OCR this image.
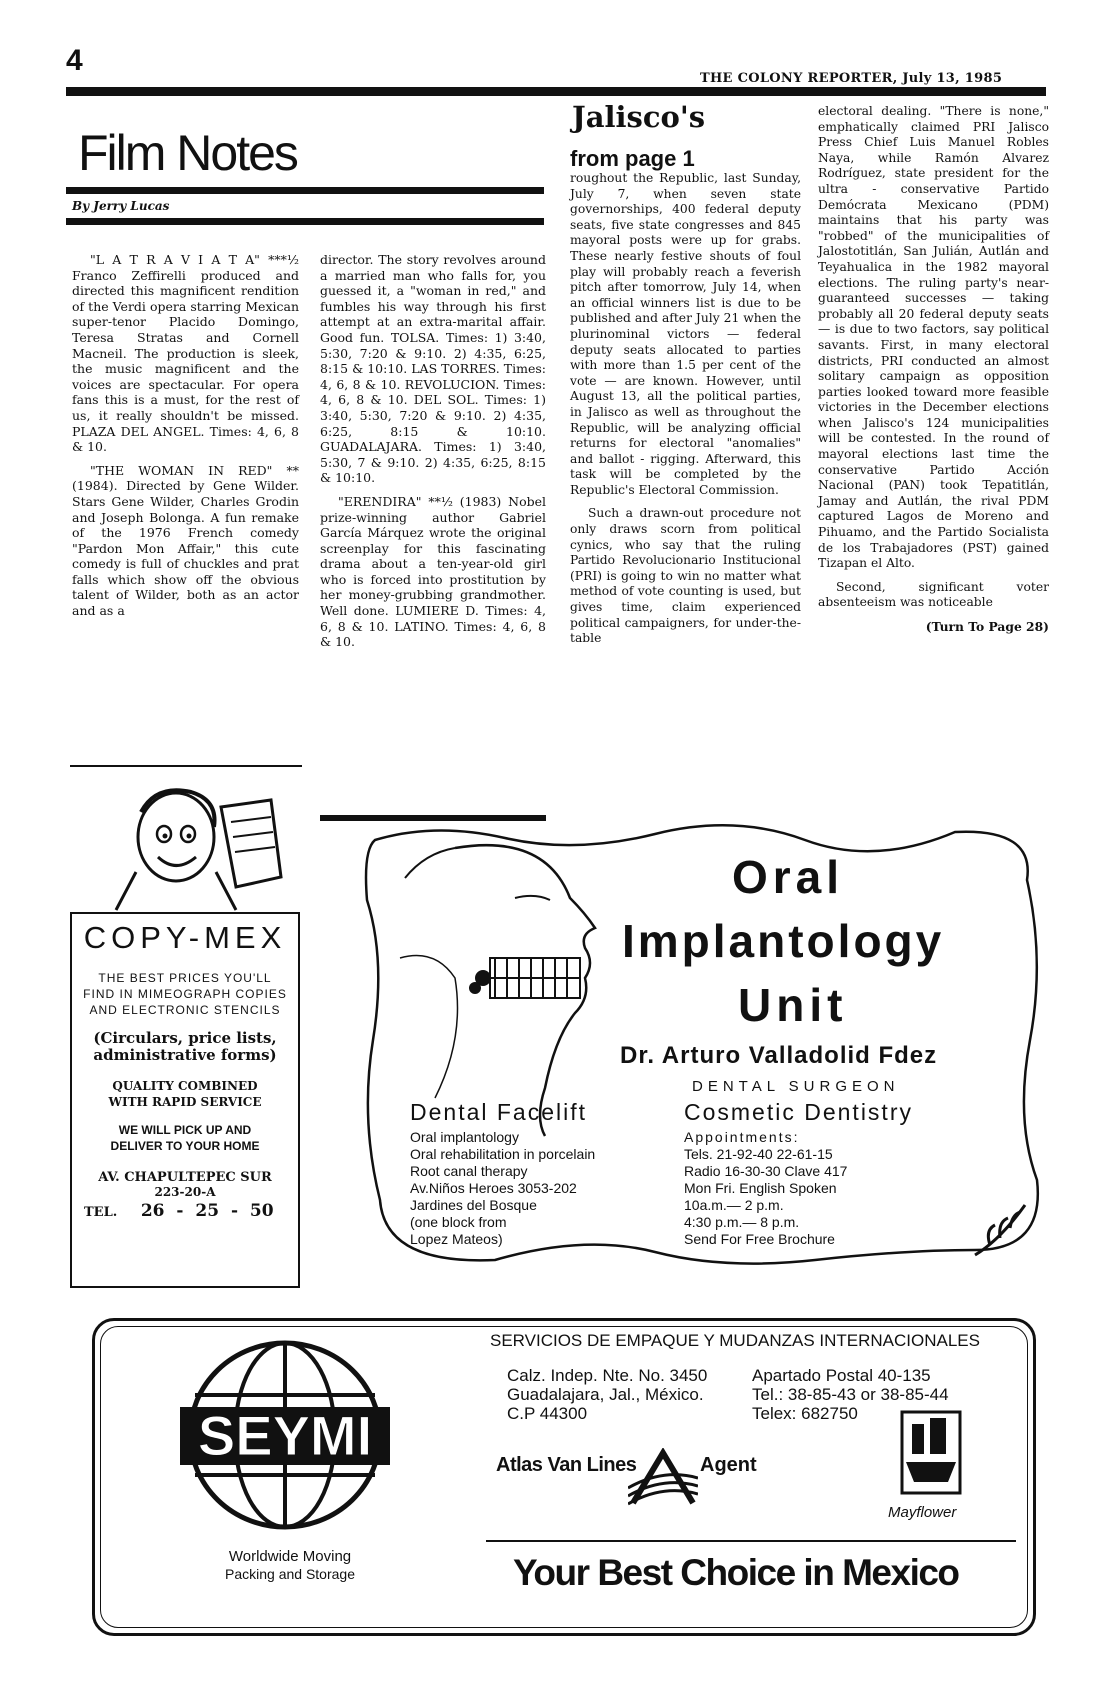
4
THE COLONY REPORTER, July 13, 1985
Film Notes
By Jerry Lucas

"L A T R A V I A T A" ***½ Franco Zeffirelli produced and directed this magnificent rendition of the Verdi opera starring Mexican super-tenor Placido Domingo, Teresa Stratas and Cornell Macneil. The production is sleek, the music magnificent and the voices are spectacular. For opera fans this is a must, for the rest of us, it really shouldn't be missed. PLAZA DEL ANGEL. Times: 4, 6, 8 & 10.

"THE WOMAN IN RED" ** (1984). Directed by Gene Wilder. Stars Gene Wilder, Charles Grodin and Joseph Bolonga. A fun remake of the 1976 French comedy "Pardon Mon Affair," this cute comedy is full of chuckles and prat falls which show off the obvious talent of Wilder, both as an actor and as a

director. The story revolves around a married man who falls for, you guessed it, a "woman in red," and fumbles his way through his first attempt at an extra-marital affair. Good fun. TOLSA. Times: 1) 3:40, 5:30, 7:20 & 9:10. 2) 4:35, 6:25, 8:15 & 10:10. LAS TORRES. Times: 4, 6, 8 & 10. REVOLUCION. Times: 4, 6, 8 & 10. DEL SOL. Times: 1) 3:40, 5:30, 7:20 & 9:10. 2) 4:35, 6:25, 8:15 & 10:10. GUADALAJARA. Times: 1) 3:40, 5:30, 7 & 9:10. 2) 4:35, 6:25, 8:15 & 10:10.

"ERENDIRA" **½ (1983) Nobel prize-winning author Gabriel García Márquez wrote the original screenplay for this fascinating drama about a ten-year-old girl who is forced into prostitution by her money-grubbing grandmother. Well done. LUMIERE D. Times: 4, 6, 8 & 10. LATINO. Times: 4, 6, 8 & 10.

Jalisco's
from page 1

roughout the Republic, last Sunday, July 7, when seven state governorships, 400 federal deputy seats, five state congresses and 845 mayoral posts were up for grabs. These nearly festive shouts of foul play will probably reach a feverish pitch after tomorrow, July 14, when an official winners list is due to be published and after July 21 when the plurinominal victors — federal deputy seats allocated to parties with more than 1.5 per cent of the vote — are known. However, until August 13, all the political parties, in Jalisco as well as throughout the Republic, will be analyzing official returns for electoral "anomalies" and ballot - rigging. Afterward, this task will be completed by the Republic's Electoral Commission.

Such a drawn-out procedure not only draws scorn from political cynics, who say that the ruling Partido Revolucionario Institucional (PRI) is going to win no matter what method of vote counting is used, but gives time, claim experienced political campaigners, for under-the-table

electoral dealing. "There is none," emphatically claimed PRI Jalisco Press Chief Luis Manuel Robles Naya, while Ramón Alvarez Rodríguez, state president for the ultra - conservative Partido Demócrata Mexicano (PDM) maintains that his party was "robbed" of the municipalities of Jalostotitlán, San Julián, Autlán and Teyahualica in the 1982 mayoral elections. The ruling party's near-guaranteed successes — taking probably all 20 federal deputy seats — is due to two factors, say political savants. First, in many electoral districts, PRI conducted an almost solitary campaign as opposition parties looked toward more feasible victories in the December elections when Jalisco's 124 municipalities will be contested. In the round of mayoral elections last time the conservative Partido Acción Nacional (PAN) took Tepatitlán, Jamay and Autlán, the rival PDM captured Lagos de Moreno and Pihuamo, and the Partido Socialista de los Trabajadores (PST) gained Tizapan el Alto.

Second, significant voter absenteeism was noticeable

(Turn To Page 28)
COPY-MEX
THE BEST PRICES YOU'LL FIND IN MIMEOGRAPH COPIES AND ELECTRONIC STENCILS
(Circulars, price lists, administrative forms)
QUALITY COMBINED WITH RAPID SERVICE
WE WILL PICK UP AND DELIVER TO YOUR HOME
AV. CHAPULTEPEC SUR
223-20-A
TEL. 26 - 25 - 50
Oral
Implantology
Unit
Dr. Arturo Valladolid Fdez
DENTAL SURGEON
Dental Facelift
Oral implantology
Oral rehabilitation in porcelain
Root canal therapy
Av.Niños Heroes 3053-202
Jardines del Bosque
(one block from
Lopez Mateos)
Cosmetic Dentistry
Appointments:
Tels. 21-92-40 22-61-15
Radio 16-30-30 Clave 417
Mon Fri. English Spoken
10a.m.— 2 p.m.
4:30 p.m.— 8 p.m.
Send For Free Brochure
SEYMI
Worldwide Moving
Packing and Storage
SERVICIOS DE EMPAQUE Y MUDANZAS INTERNACIONALES
Calz. Indep. Nte. No. 3450
Guadalajara, Jal., México.
C.P 44300
Apartado Postal 40-135
Tel.: 38-85-43 or 38-85-44
Telex: 682750
Atlas Van Lines	Agent
Mayflower
Your Best Choice in Mexico
